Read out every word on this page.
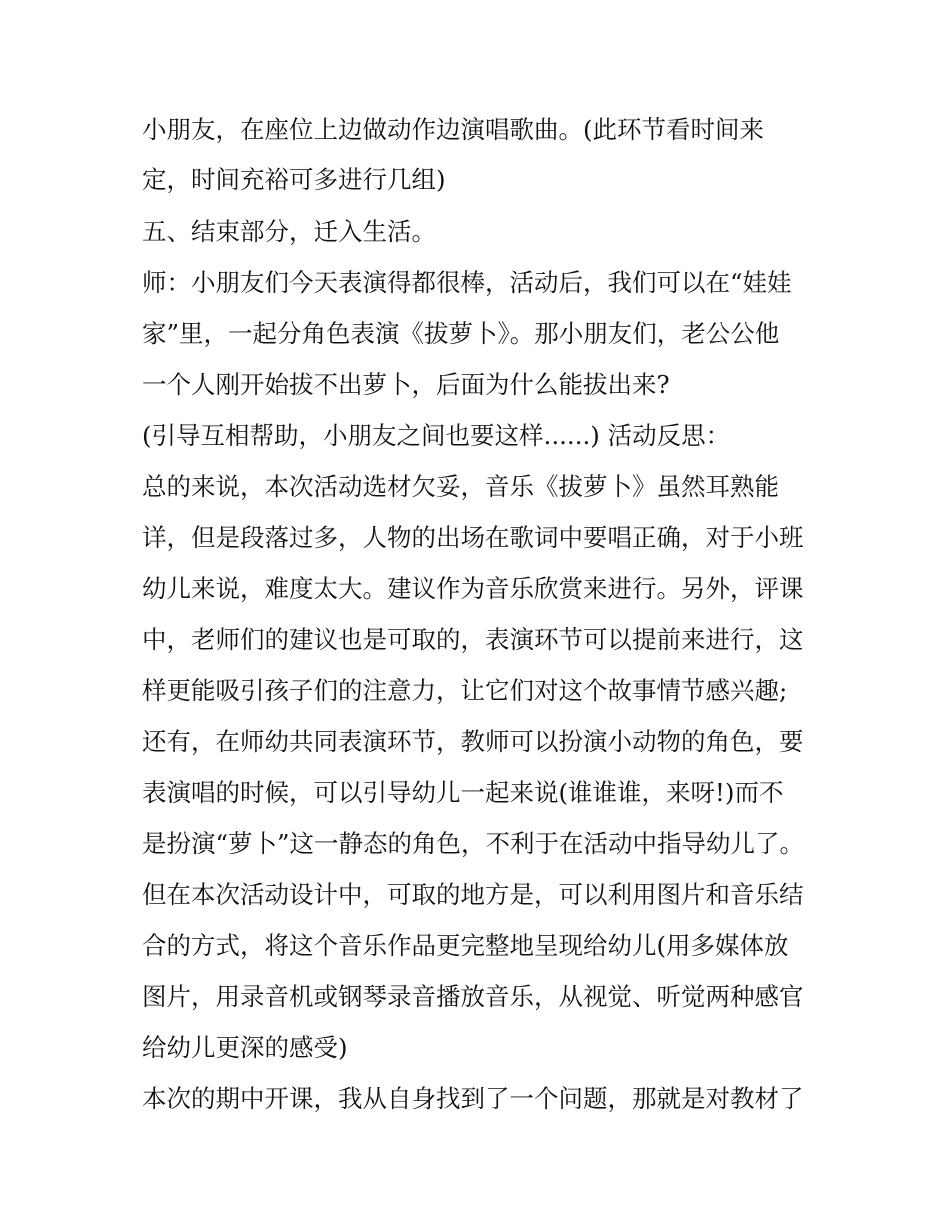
小朋友，在座位上边做动作边演唱歌曲。(此环节看时间来
定，时间充裕可多进行几组)
五、结束部分，迁入生活。
师：小朋友们今天表演得都很棒，活动后，我们可以在“娃娃
家”里，一起分角色表演《拔萝卜》。那小朋友们，老公公他
一个人刚开始拔不出萝卜，后面为什么能拔出来?
(引导互相帮助，小朋友之间也要这样......) 活动反思：
总的来说，本次活动选材欠妥，音乐《拔萝卜》虽然耳熟能
详，但是段落过多，人物的出场在歌词中要唱正确，对于小班
幼儿来说，难度太大。建议作为音乐欣赏来进行。另外，评课
中，老师们的建议也是可取的，表演环节可以提前来进行，这
样更能吸引孩子们的注意力，让它们对这个故事情节感兴趣;
还有，在师幼共同表演环节，教师可以扮演小动物的角色，要
表演唱的时候，可以引导幼儿一起来说(谁谁谁，来呀!)而不
是扮演“萝卜”这一静态的角色，不利于在活动中指导幼儿了。
但在本次活动设计中，可取的地方是，可以利用图片和音乐结
合的方式，将这个音乐作品更完整地呈现给幼儿(用多媒体放
图片，用录音机或钢琴录音播放音乐，从视觉、听觉两种感官
给幼儿更深的感受)
本次的期中开课，我从自身找到了一个问题，那就是对教材了
